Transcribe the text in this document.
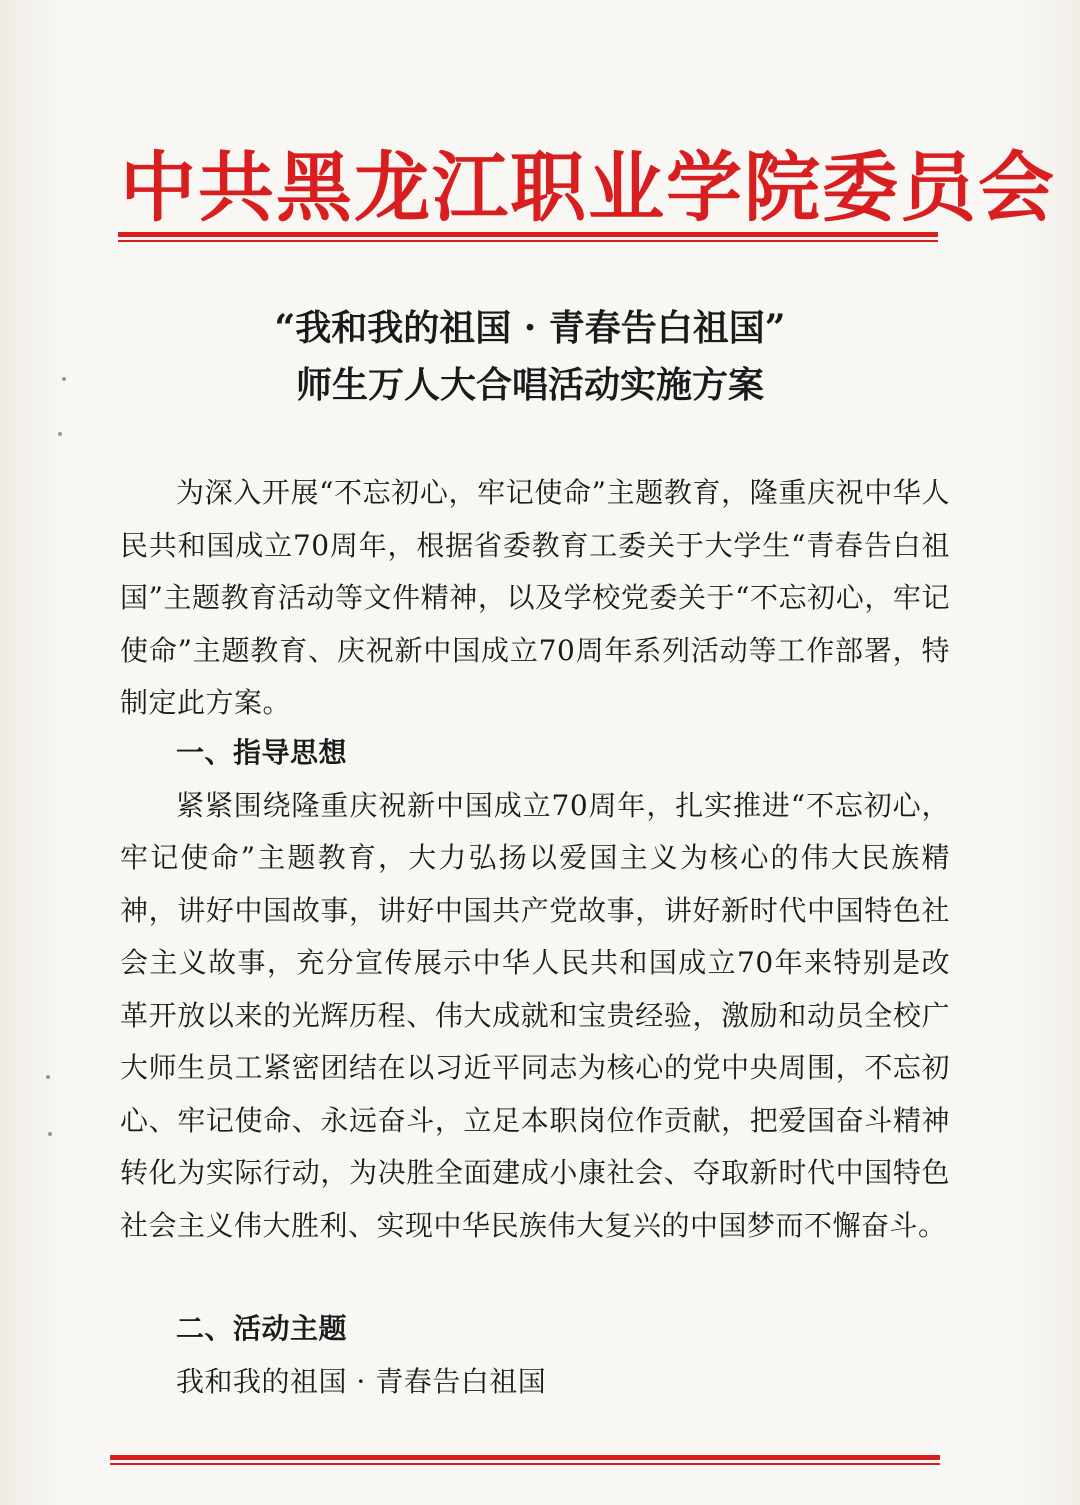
中共黑龙江职业学院委员会
“我和我的祖国 · 青春告白祖国”
师生万人大合唱活动实施方案

为深入开展“不忘初心，牢记使命”主题教育，隆重庆祝中华人民共和国成立70周年，根据省委教育工委关于大学生“青春告白祖国”主题教育活动等文件精神，以及学校党委关于“不忘初心，牢记使命”主题教育、庆祝新中国成立70周年系列活动等工作部署，特制定此方案。

一、指导思想

紧紧围绕隆重庆祝新中国成立70周年，扎实推进“不忘初心，牢记使命”主题教育，大力弘扬以爱国主义为核心的伟大民族精神，讲好中国故事，讲好中国共产党故事，讲好新时代中国特色社会主义故事，充分宣传展示中华人民共和国成立70年来特别是改革开放以来的光辉历程、伟大成就和宝贵经验，激励和动员全校广大师生员工紧密团结在以习近平同志为核心的党中央周围，不忘初心、牢记使命、永远奋斗，立足本职岗位作贡献，把爱国奋斗精神转化为实际行动，为决胜全面建成小康社会、夺取新时代中国特色社会主义伟大胜利、实现中华民族伟大复兴的中国梦而不懈奋斗。

二、活动主题

我和我的祖国 · 青春告白祖国
